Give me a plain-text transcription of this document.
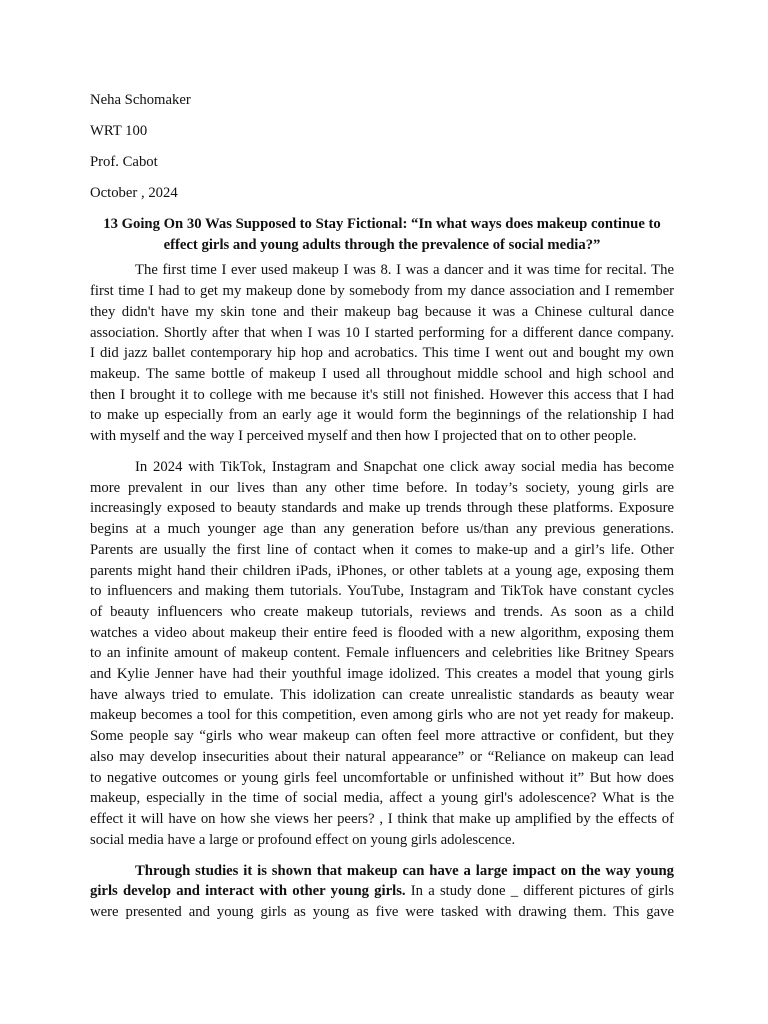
Neha Schomaker
WRT 100
Prof. Cabot
October , 2024
13 Going On 30 Was Supposed to Stay Fictional: “In what ways does makeup continue to
effect girls and young adults through the prevalence of social media?”
The first time I ever used makeup I was 8. I was a dancer and it was time for recital. The
first time I had to get my makeup done by somebody from my dance association and I remember
they didn't have my skin tone and their makeup bag because it was a Chinese cultural dance
association. Shortly after that when I was 10 I started performing for a different dance company.
I did jazz ballet contemporary hip hop and acrobatics. This time I went out and bought my own
makeup. The same bottle of makeup I used all throughout middle school and high school and
then I brought it to college with me because it's still not finished. However this access that I had
to make up especially from an early age it would form the beginnings of the relationship I had
with myself and the way I perceived myself and then how I projected that on to other people.
In 2024 with TikTok, Instagram and Snapchat one click away social media has become
more prevalent in our lives than any other time before. In today’s society, young girls are
increasingly exposed to beauty standards and make up trends through these platforms. Exposure
begins at a much younger age than any generation before us/than any previous generations.
Parents are usually the first line of contact when it comes to make-up and a girl’s life. Other
parents might hand their children iPads, iPhones, or other tablets at a young age, exposing them
to influencers and making them tutorials. YouTube, Instagram and TikTok have constant cycles
of beauty influencers who create makeup tutorials, reviews and trends. As soon as a child
watches a video about makeup their entire feed is flooded with a new algorithm, exposing them
to an infinite amount of makeup content. Female influencers and celebrities like Britney Spears
and Kylie Jenner have had their youthful image idolized. This creates a model that young girls
have always tried to emulate. This idolization can create unrealistic standards as beauty wear
makeup becomes a tool for this competition, even among girls who are not yet ready for makeup.
Some people say “girls who wear makeup can often feel more attractive or confident, but they
also may develop insecurities about their natural appearance” or “Reliance on makeup can lead
to negative outcomes or young girls feel uncomfortable or unfinished without it” But how does
makeup, especially in the time of social media, affect a young girl's adolescence? What is the
effect it will have on how she views her peers? , I think that make up amplified by the effects of
social media have a large or profound effect on young girls adolescence.
Through studies it is shown that makeup can have a large impact on the way young
girls develop and interact with other young girls. In a study done _ different pictures of girls
were presented and young girls as young as five were tasked with drawing them. This gave
